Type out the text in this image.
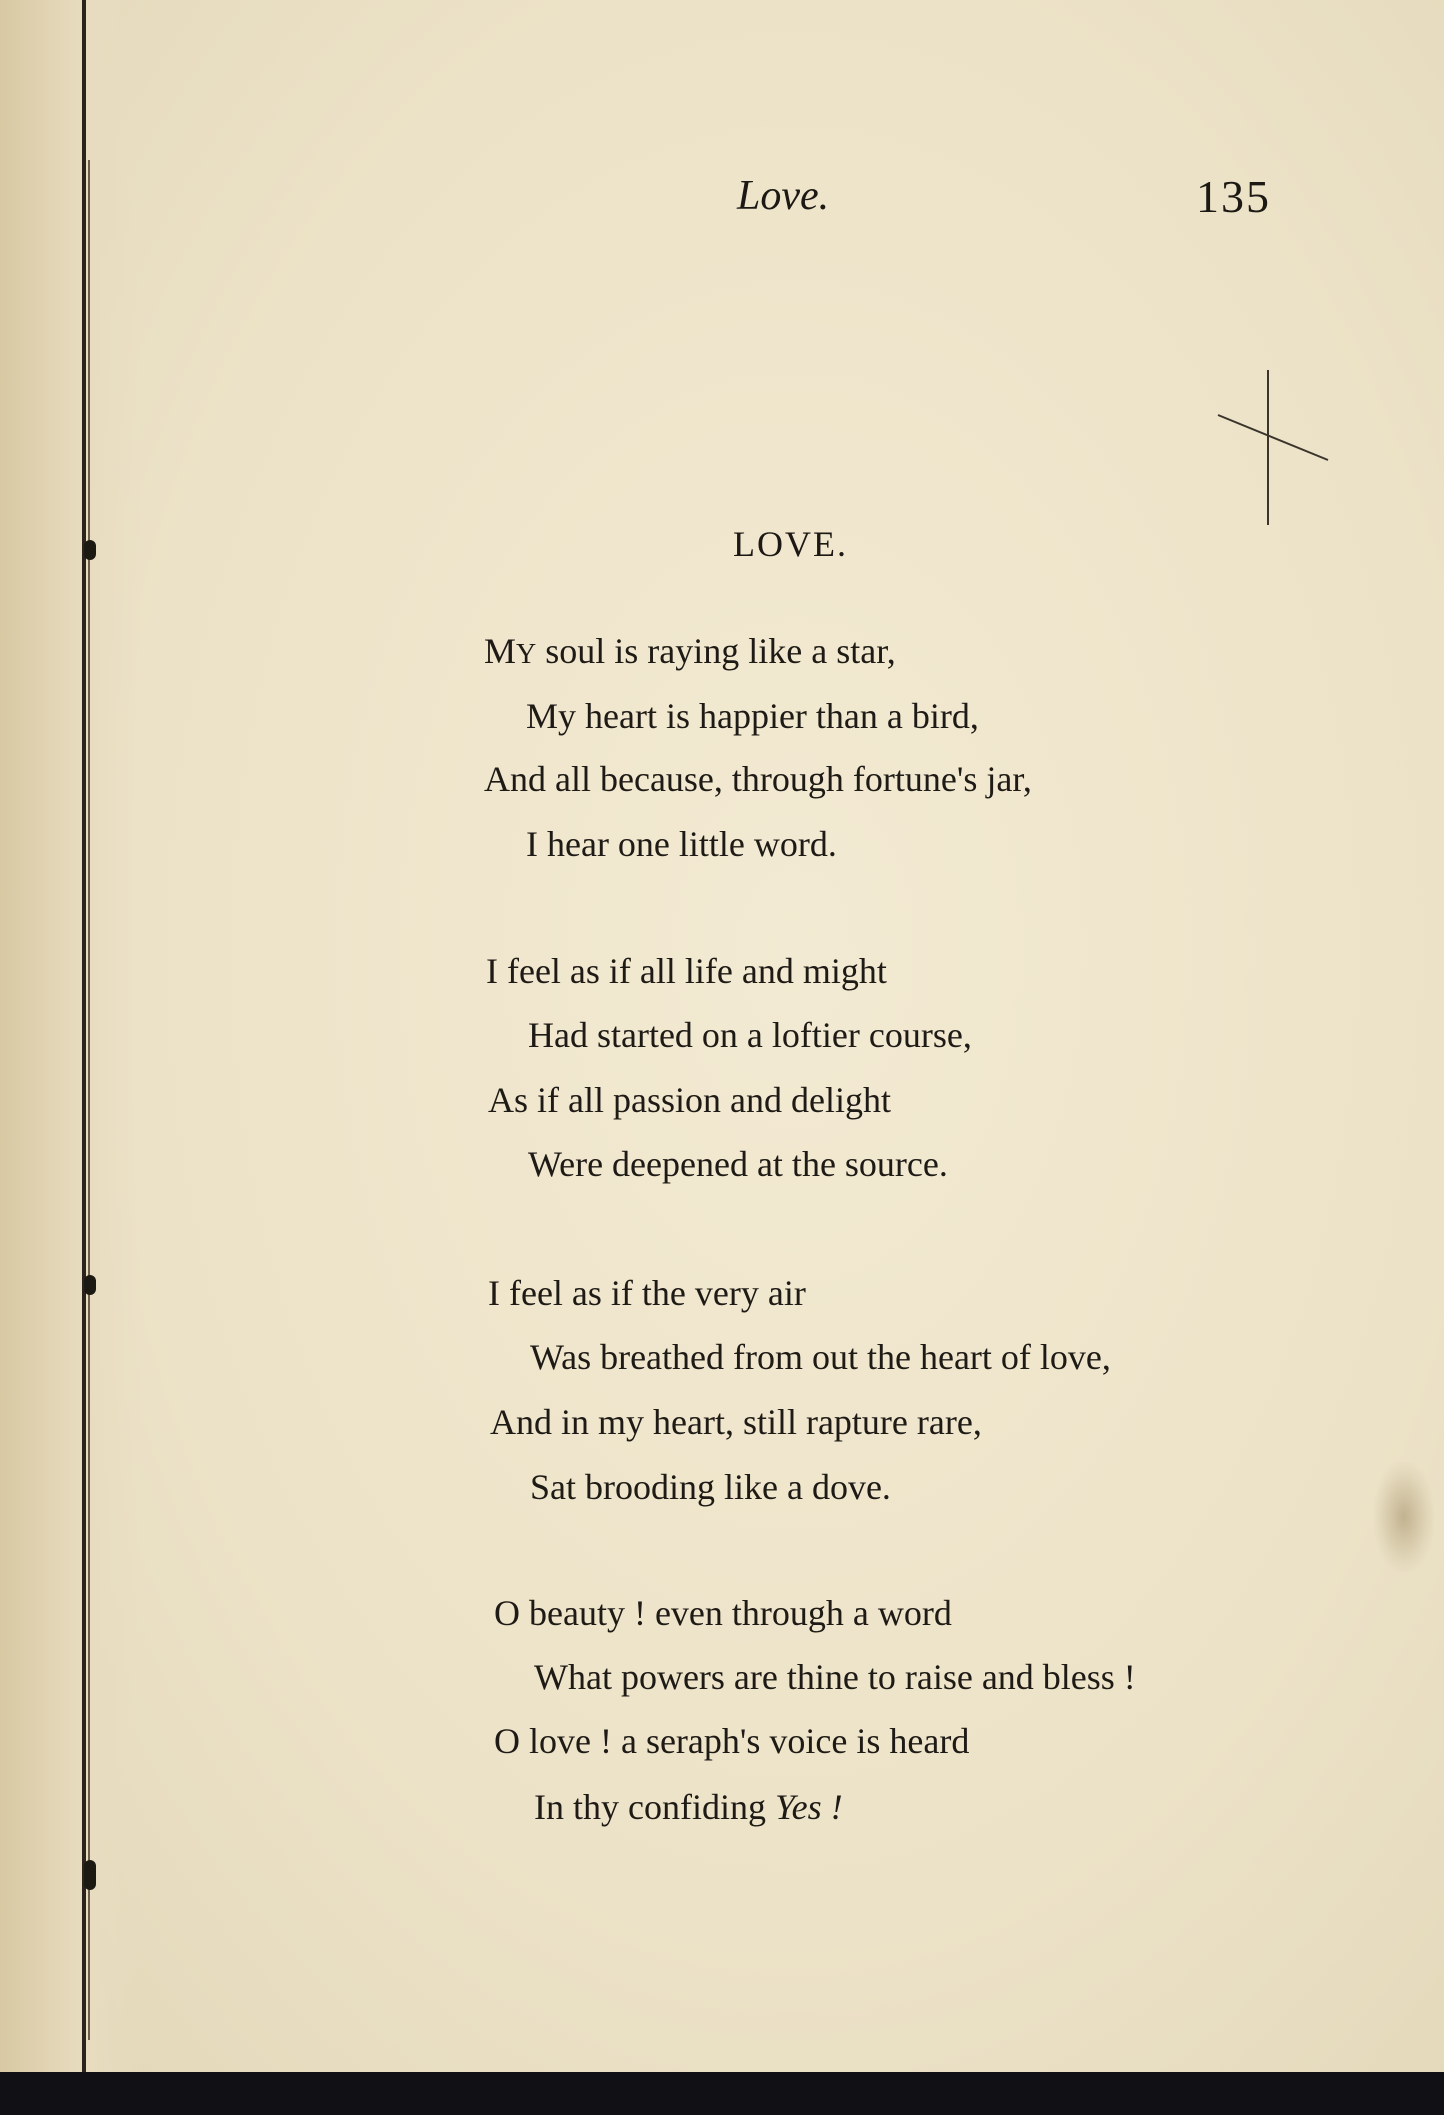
Love.	135
LOVE.
MY soul is raying like a star,
My heart is happier than a bird,
And all because, through fortune's jar,
I hear one little word.
I feel as if all life and might
Had started on a loftier course,
As if all passion and delight
Were deepened at the source.
I feel as if the very air
Was breathed from out the heart of love,
And in my heart, still rapture rare,
Sat brooding like a dove.
O beauty ! even through a word
What powers are thine to raise and bless !
O love ! a seraph's voice is heard
In thy confiding Yes !
